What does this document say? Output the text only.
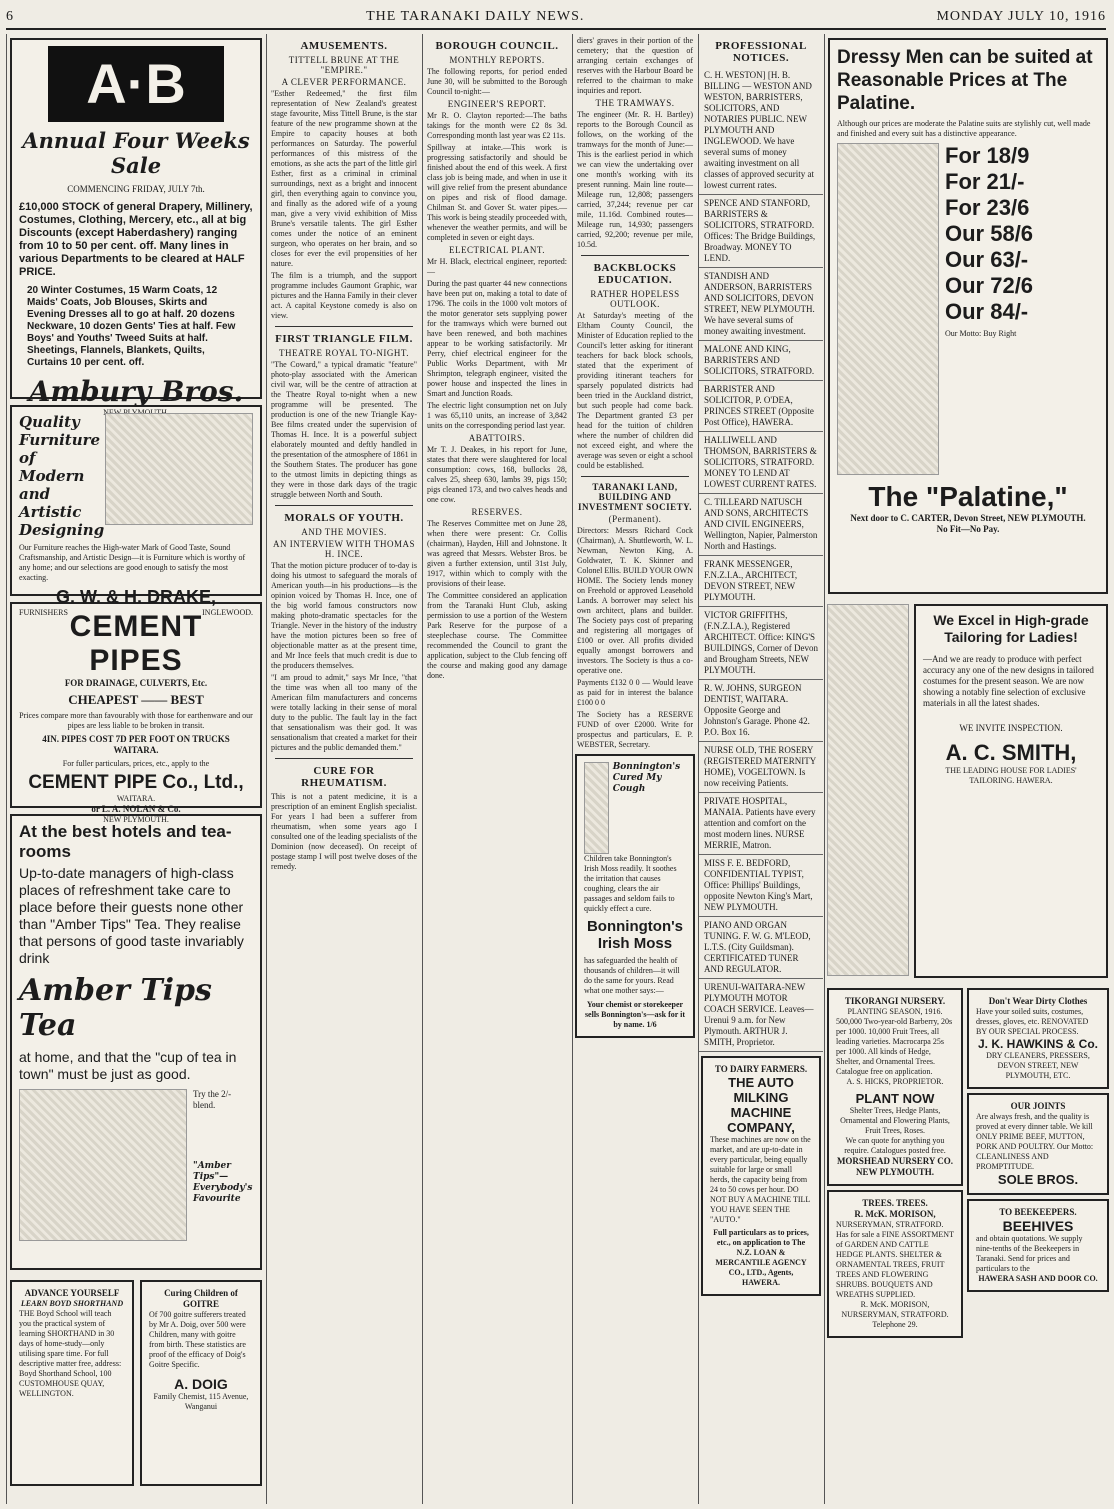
6	THE TARANAKI DAILY NEWS.	MONDAY JULY 10, 1916
A·B
Annual Four Weeks Sale
COMMENCING FRIDAY, JULY 7th.
£10,000 STOCK of general Drapery, Millinery, Costumes, Clothing, Mercery, etc., all at big Discounts (except Haberdashery) ranging from 10 to 50 per cent. off. Many lines in various Departments to be cleared at HALF PRICE.
20 Winter Costumes, 15 Warm Coats, 12 Maids' Coats, Job Blouses, Skirts and Evening Dresses all to go at half. 20 dozens Neckware, 10 dozen Gents' Ties at half. Few Boys' and Youths' Tweed Suits at half. Sheetings, Flannels, Blankets, Quilts, Curtains 10 per cent. off.
Ambury Bros.
Quality Furniture of Modern and Artistic Designing
Our Furniture reaches the High-water Mark of Good Taste, Sound Craftsmanship, and Artistic Design—it is Furniture which is worthy of any home; and our selections are good enough to satisfy the most exacting.
G. W. & H. DRAKE,
FURNISHERS	INGLEWOOD.
CEMENT PIPES
FOR DRAINAGE, CULVERTS, Etc.
CHEAPEST —— BEST
Prices compare more than favourably with those for earthenware and our pipes are less liable to be broken in transit.
4IN. PIPES COST 7D PER FOOT ON TRUCKS WAITARA.
For fuller particulars, prices, etc., apply to the
CEMENT PIPE Co., Ltd.,
WAITARA.
or L. A. NOLAN & Co.
NEW PLYMOUTH.
At the best hotels and tea-rooms
Up-to-date managers of high-class places of refreshment take care to place before their guests none other than "Amber Tips" Tea. They realise that persons of good taste invariably drink
Amber Tips Tea
at home, and that the "cup of tea in town" must be just as good.
Try the 2/- blend.
"Amber Tips"— Everybody's Favourite
ADVANCE YOURSELF
LEARN BOYD SHORTHAND
THE Boyd School will teach you the practical system of learning SHORTHAND in 30 days of home-study—only utilising spare time. For full descriptive matter free, address: Boyd Shorthand School, 100 CUSTOMHOUSE QUAY, WELLINGTON.
Curing Children of GOITRE
Of 700 goitre sufferers treated by Mr A. Doig, over 500 were Children, many with goitre from birth. These statistics are proof of the efficacy of Doig's Goitre Specific.
A. DOIG
Family Chemist, 115 Avenue, Wanganui
AMUSEMENTS.
TITTELL BRUNE AT THE "EMPIRE."
A CLEVER PERFORMANCE.

"Esther Redeemed," the first film representation of New Zealand's greatest stage favourite, Miss Tittell Brune, is the star feature of the new programme shown at the Empire to capacity houses at both performances on Saturday. The powerful performances of this mistress of the emotions, as she acts the part of the little girl Esther, first as a criminal in criminal surroundings, next as a bright and innocent girl, then everything again to convince you, and finally as the adored wife of a young man, give a very vivid exhibition of Miss Brune's versatile talents. The girl Esther comes under the notice of an eminent surgeon, who operates on her brain, and so closes for ever the evil propensities of her nature.

The film is a triumph, and the support programme includes Gaumont Graphic, war pictures and the Hanna Family in their clever act. A capital Keystone comedy is also on view.

FIRST TRIANGLE FILM.
THEATRE ROYAL TO-NIGHT.

"The Coward," a typical dramatic "feature" photo-play associated with the American civil war, will be the centre of attraction at the Theatre Royal to-night when a new programme will be presented. The production is one of the new Triangle Kay-Bee films created under the supervision of Thomas H. Ince. It is a powerful subject elaborately mounted and deftly handled in the presentation of the atmosphere of 1861 in the Southern States. The producer has gone to the utmost limits in depicting things as they were in those dark days of the tragic struggle between North and South.

MORALS OF YOUTH.
AND THE MOVIES.
AN INTERVIEW WITH THOMAS H. INCE.

That the motion picture producer of to-day is doing his utmost to safeguard the morals of American youth—in his productions—is the opinion voiced by Thomas H. Ince, one of the big world famous constructors now making photo-dramatic spectacles for the Triangle. Never in the history of the industry have the motion pictures been so free of objectionable matter as at the present time, and Mr Ince feels that much credit is due to the producers themselves.

"I am proud to admit," says Mr Ince, "that the time was when all too many of the American film manufacturers and concerns were totally lacking in their sense of moral duty to the public. The fault lay in the fact that sensationalism was their god. It was sensationalism that created a market for their pictures and the public demanded them."

CURE FOR RHEUMATISM.

This is not a patent medicine, it is a prescription of an eminent English specialist. For years I had been a sufferer from rheumatism, when some years ago I consulted one of the leading specialists of the Dominion (now deceased). On receipt of postage stamp I will post twelve doses of the remedy.

BOROUGH COUNCIL.
MONTHLY REPORTS.

The following reports, for period ended June 30, will be submitted to the Borough Council to-night:—

ENGINEER'S REPORT.

Mr R. O. Clayton reported:—The baths takings for the month were £2 8s 3d. Corresponding month last year was £2 11s.

Spillway at intake.—This work is progressing satisfactorily and should be finished about the end of this week. A first class job is being made, and when in use it will give relief from the present abundance on pipes and risk of flood damage. Chilman St. and Gover St. water pipes.—This work is being steadily proceeded with, whenever the weather permits, and will be completed in seven or eight days.

ELECTRICAL PLANT.

Mr H. Black, electrical engineer, reported:—

During the past quarter 44 new connections have been put on, making a total to date of 1796. The coils in the 1000 volt motors of the motor generator sets supplying power for the tramways which were burned out have been renewed, and both machines appear to be working satisfactorily. Mr Perry, chief electrical engineer for the Public Works Department, with Mr Shrimpton, telegraph engineer, visited the power house and inspected the lines in Smart and Junction Roads.

The electric light consumption net on July 1 was 65,110 units, an increase of 3,842 units on the corresponding period last year.

ABATTOIRS.

Mr T. J. Deakes, in his report for June, states that there were slaughtered for local consumption: cows, 168, bullocks 28, calves 25, sheep 630, lambs 39, pigs 150; pigs cleaned 173, and two calves heads and one cow.

RESERVES.

The Reserves Committee met on June 28, when there were present: Cr. Collis (chairman), Hayden, Hill and Johnstone. It was agreed that Messrs. Webster Bros. be given a further extension, until 31st July, 1917, within which to comply with the provisions of their lease.

The Committee considered an application from the Taranaki Hunt Club, asking permission to use a portion of the Western Park Reserve for the purpose of a steeplechase course. The Committee recommended the Council to grant the application, subject to the Club fencing off the course and making good any damage done.

diers' graves in their portion of the cemetery; that the question of arranging certain exchanges of reserves with the Harbour Board be referred to the chairman to make inquiries and report.

THE TRAMWAYS.

The engineer (Mr. R. H. Bartley) reports to the Borough Council as follows, on the working of the tramways for the month of June:— This is the earliest period in which we can view the undertaking over one month's working with its present running. Main line route—Mileage run, 12,808; passengers carried, 37,244; revenue per car mile, 11.16d. Combined routes—Mileage run, 14,930; passengers carried, 92,200; revenue per mile, 10.5d.

BACKBLOCKS EDUCATION.
RATHER HOPELESS OUTLOOK.

At Saturday's meeting of the Eltham County Council, the Minister of Education replied to the Council's letter asking for itinerant teachers for back block schools, stated that the experiment of providing itinerant teachers for sparsely populated districts had been tried in the Auckland district, but such people had come back. The Department granted £3 per head for the tuition of children where the number of children did not exceed eight, and where the average was seven or eight a school could be established.

TARANAKI LAND, BUILDING AND INVESTMENT SOCIETY.
(Permanent).

Directors: Messrs Richard Cock (Chairman), A. Shuttleworth, W. L. Newman, Newton King, A. Goldwater, T. K. Skinner and Colonel Ellis. BUILD YOUR OWN HOME. The Society lends money on Freehold or approved Leasehold Lands. A borrower may select his own architect, plans and builder. The Society pays cost of preparing and registering all mortgages of £100 or over. All profits divided equally amongst borrowers and investors. The Society is thus a co-operative one.

Payments £132 0 0 — Would leave as paid for in interest the balance £100 0 0

The Society has a RESERVE FUND of over £2000. Write for prospectus and particulars, E. P. WEBSTER, Secretary.

Bonnington's Cured My Cough
Children take Bonnington's Irish Moss readily. It soothes the irritation that causes coughing, clears the air passages and seldom fails to quickly effect a cure.
Bonnington's Irish Moss
has safeguarded the health of thousands of children—it will do the same for yours. Read what one mother says:—
Your chemist or storekeeper sells Bonnington's—ask for it by name. 1/6
PROFESSIONAL NOTICES.
C. H. WESTON] [H. B. BILLING — WESTON AND WESTON, BARRISTERS, SOLICITORS, AND NOTARIES PUBLIC. NEW PLYMOUTH AND INGLEWOOD. We have several sums of money awaiting investment on all classes of approved security at lowest current rates.
SPENCE AND STANFORD, BARRISTERS & SOLICITORS, STRATFORD. Offices: The Bridge Buildings, Broadway. MONEY TO LEND.
STANDISH AND ANDERSON, BARRISTERS AND SOLICITORS, DEVON STREET, NEW PLYMOUTH. We have several sums of money awaiting investment.
MALONE AND KING, BARRISTERS AND SOLICITORS, STRATFORD.
BARRISTER AND SOLICITOR, P. O'DEA, PRINCES STREET (Opposite Post Office), HAWERA.
HALLIWELL AND THOMSON, BARRISTERS & SOLICITORS, STRATFORD. MONEY TO LEND AT LOWEST CURRENT RATES.
C. TILLEARD NATUSCH AND SONS, ARCHITECTS AND CIVIL ENGINEERS, Wellington, Napier, Palmerston North and Hastings.
FRANK MESSENGER, F.N.Z.I.A., ARCHITECT, DEVON STREET, NEW PLYMOUTH.
VICTOR GRIFFITHS, (F.N.Z.I.A.), Registered ARCHITECT. Office: KING'S BUILDINGS, Corner of Devon and Brougham Streets, NEW PLYMOUTH.
R. W. JOHNS, SURGEON DENTIST, WAITARA. Opposite George and Johnston's Garage. Phone 42. P.O. Box 16.
NURSE OLD, THE ROSERY (REGISTERED MATERNITY HOME), VOGELTOWN. Is now receiving Patients.
PRIVATE HOSPITAL, MANAIA. Patients have every attention and comfort on the most modern lines. NURSE MERRIE, Matron.
MISS F. E. BEDFORD, CONFIDENTIAL TYPIST, Office: Phillips' Buildings, opposite Newton King's Mart, NEW PLYMOUTH.
PIANO AND ORGAN TUNING. F. W. G. M'LEOD, L.T.S. (City Guildsman). CERTIFICATED TUNER AND REGULATOR.
URENUI-WAITARA-NEW PLYMOUTH MOTOR COACH SERVICE. Leaves—Urenui 9 a.m. for New Plymouth. ARTHUR J. SMITH, Proprietor.
TO DAIRY FARMERS.
THE AUTO MILKING MACHINE COMPANY,
These machines are now on the market, and are up-to-date in every particular, being equally suitable for large or small herds, the capacity being from 24 to 50 cows per hour. DO NOT BUY A MACHINE TILL YOU HAVE SEEN THE "AUTO."
Full particulars as to prices, etc., on application to The N.Z. LOAN & MERCANTILE AGENCY CO., LTD., Agents, HAWERA.
Dressy Men can be suited at Reasonable Prices at The Palatine.
Although our prices are moderate the Palatine suits are stylishly cut, well made and finished and every suit has a distinctive appearance.
For 18/9
For 21/-
For 23/6
Our 58/6
Our 63/-
Our 72/6
Our 84/-
Our Motto: Buy Right
The "Palatine,"
Next door to C. CARTER, Devon Street, NEW PLYMOUTH.
No Fit—No Pay.
We Excel in High-grade Tailoring for Ladies!
—And we are ready to produce with perfect accuracy any one of the new designs in tailored costumes for the present season. We are now showing a notably fine selection of exclusive materials in all the latest shades.
WE INVITE INSPECTION.
A. C. SMITH,
THE LEADING HOUSE FOR LADIES' TAILORING. HAWERA.
TIKORANGI NURSERY.
PLANTING SEASON, 1916.
500,000 Two-year-old Barberry, 20s per 1000. 10,000 Fruit Trees, all leading varieties. Macrocarpa 25s per 1000. All kinds of Hedge, Shelter, and Ornamental Trees. Catalogue free on application.
A. S. HICKS, PROPRIETOR.
PLANT NOW
Shelter Trees, Hedge Plants, Ornamental and Flowering Plants, Fruit Trees, Roses.
We can quote for anything you require. Catalogues posted free.
MORSHEAD NURSERY CO. NEW PLYMOUTH.
TREES. TREES.
R. McK. MORISON,
NURSERYMAN, STRATFORD. Has for sale a FINE ASSORTMENT of GARDEN AND CATTLE HEDGE PLANTS. SHELTER & ORNAMENTAL TREES, FRUIT TREES AND FLOWERING SHRUBS. BOUQUETS AND WREATHS SUPPLIED.
R. McK. MORISON, NURSERYMAN, STRATFORD. Telephone 29.
Don't Wear Dirty Clothes
Have your soiled suits, costumes, dresses, gloves, etc. RENOVATED BY OUR SPECIAL PROCESS.
J. K. HAWKINS & Co.
DRY CLEANERS, PRESSERS, DEVON STREET, NEW PLYMOUTH, ETC.
OUR JOINTS
Are always fresh, and the quality is proved at every dinner table. We kill ONLY PRIME BEEF, MUTTON, PORK AND POULTRY. Our Motto: CLEANLINESS AND PROMPTITUDE.
SOLE BROS.
TO BEEKEEPERS.
BEEHIVES
and obtain quotations. We supply nine-tenths of the Beekeepers in Taranaki. Send for prices and particulars to the
HAWERA SASH AND DOOR CO.
